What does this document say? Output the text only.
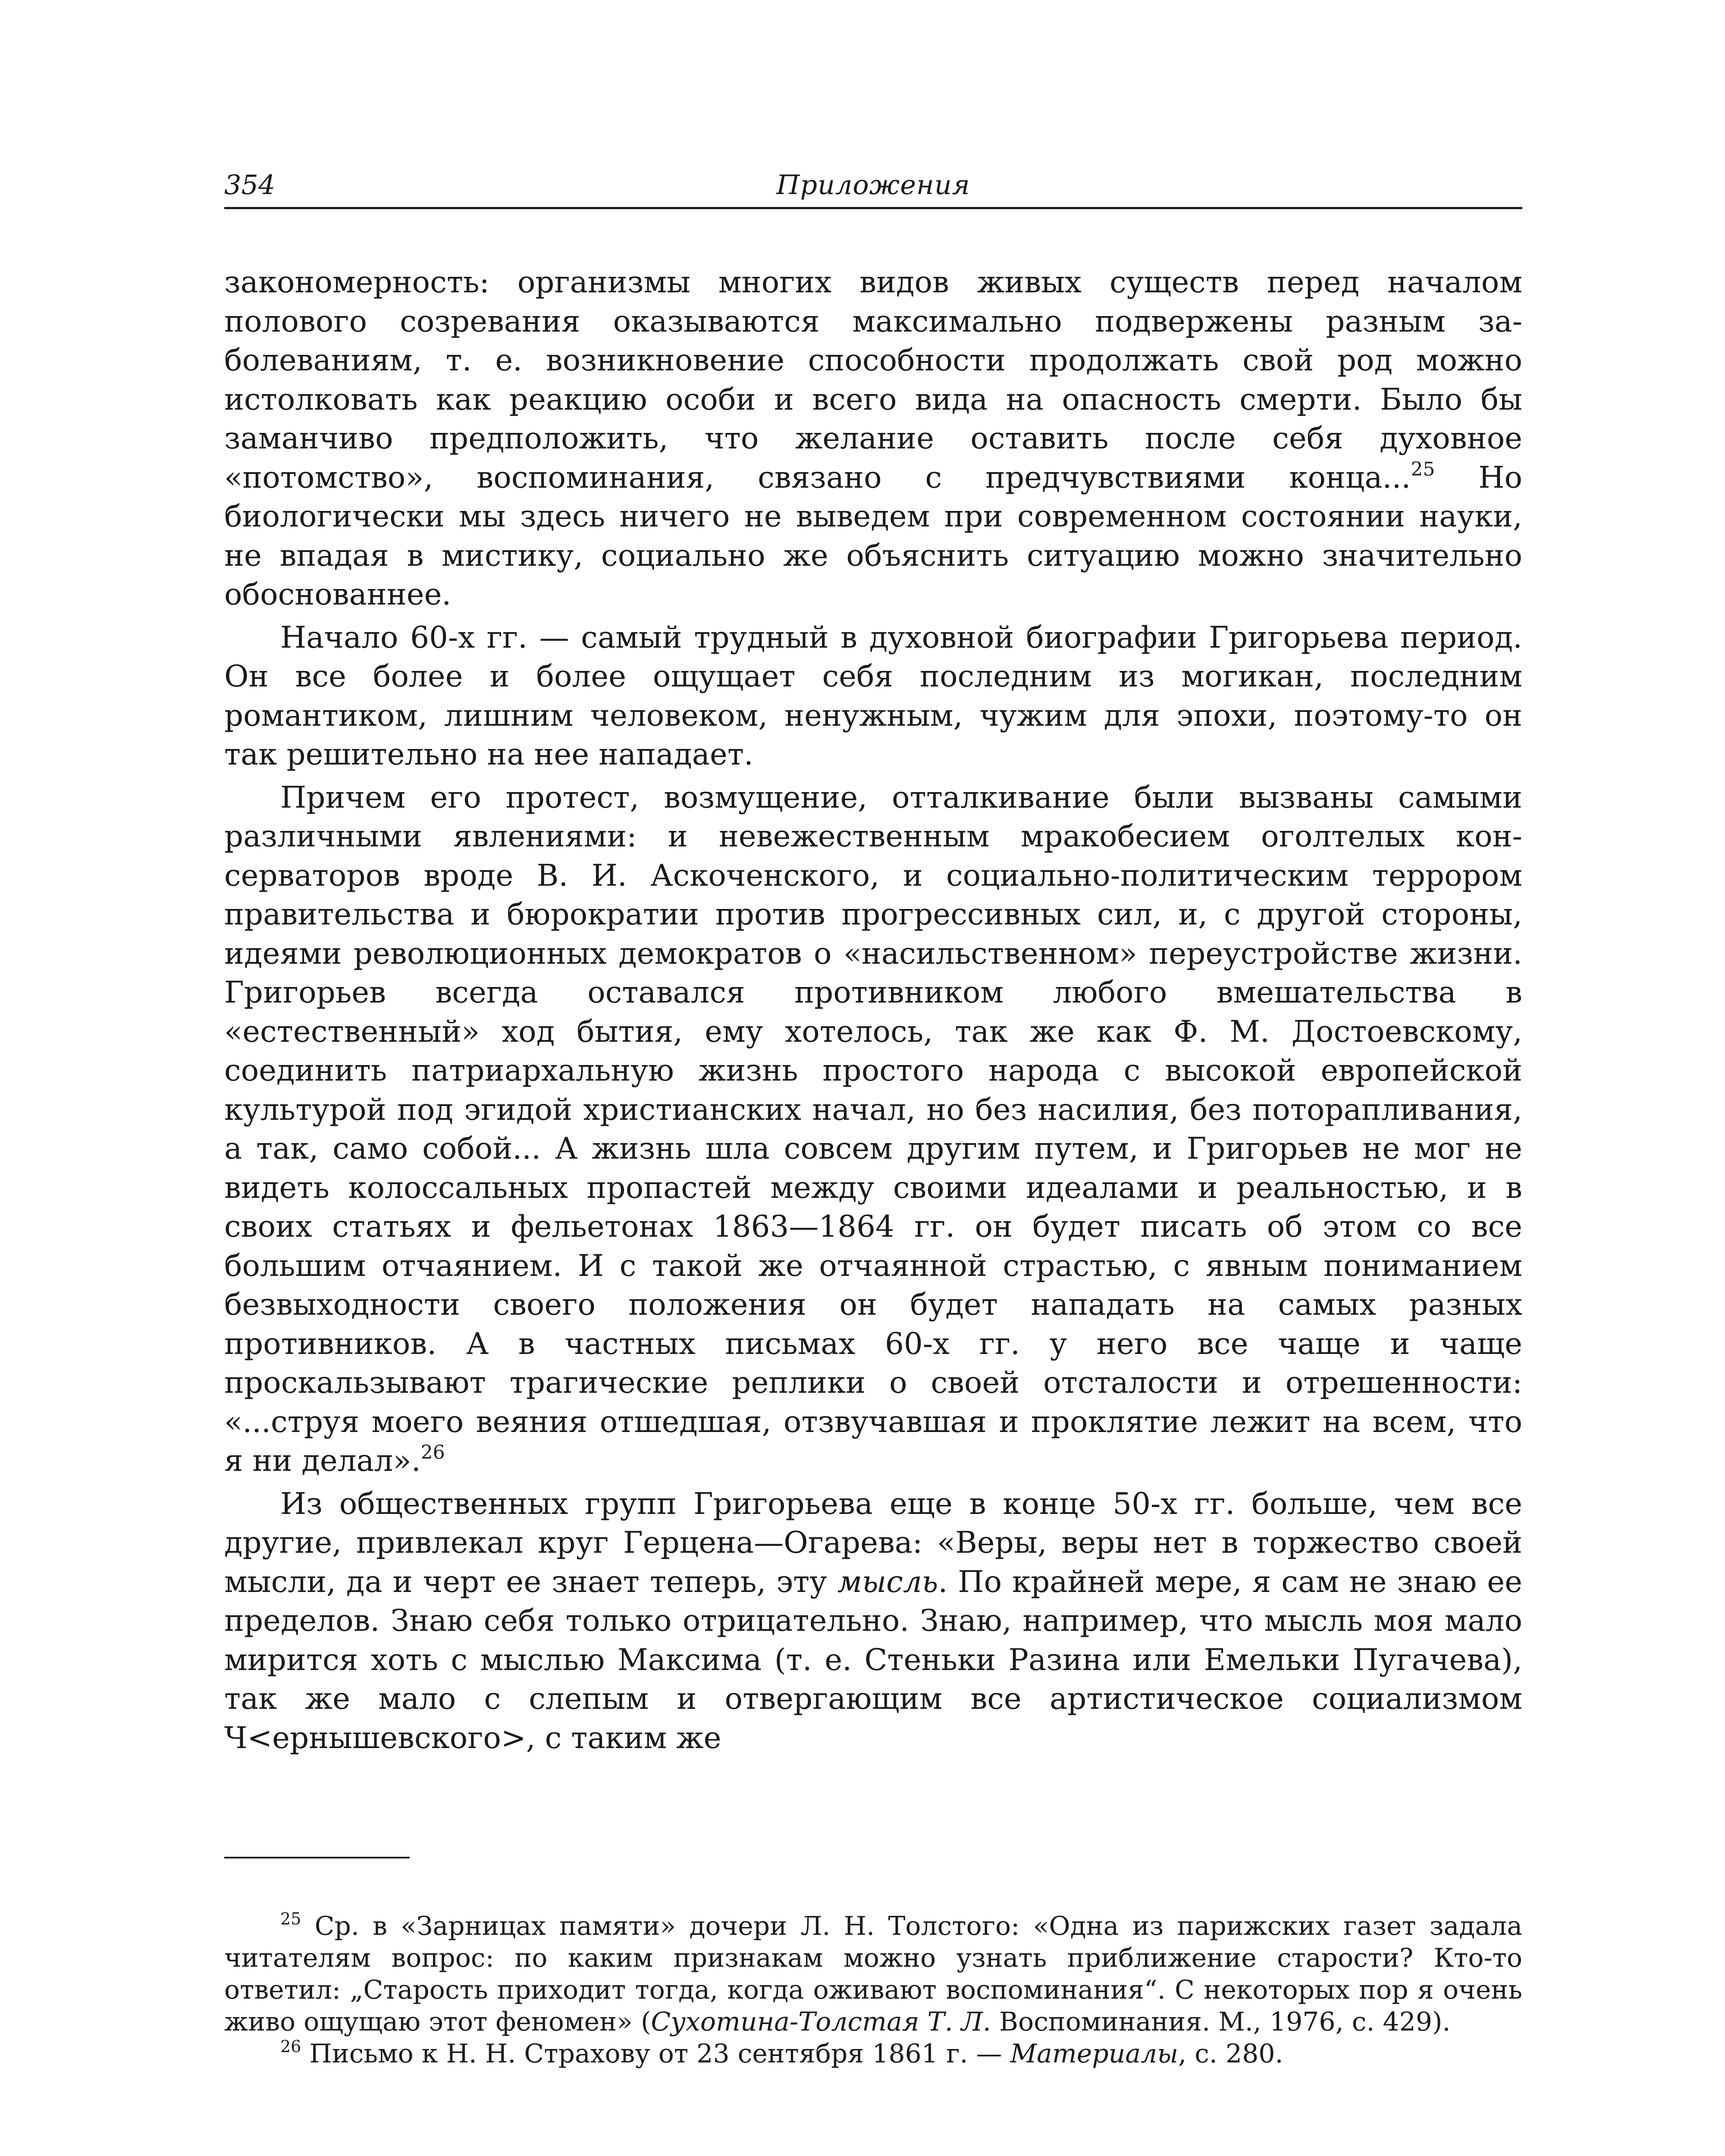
354	Приложения

закономерность: организмы многих видов живых существ перед началом полового созревания оказываются максимально подвержены разным заболеваниям, т. е. возникновение способности продолжать свой род можно истолковать как реакцию особи и всего вида на опасность смерти. Было бы заманчиво предположить, что желание оставить после себя духовное «потомство», воспоминания, связано с предчувствиями конца...$^{25}$ Но биологически мы здесь ничего не выведем при современном состоянии науки, не впадая в мистику, социально же объяснить ситуацию можно значительно обоснованнее.

Начало 60-х гг. — самый трудный в духовной биографии Григорьева период. Он все более и более ощущает себя последним из могикан, последним романтиком, лишним человеком, ненужным, чужим для эпохи, поэтому-то он так решительно на нее нападает.

Причем его протест, возмущение, отталкивание были вызваны самыми различными явлениями: и невежественным мракобесием оголтелых консерваторов вроде В. И. Аскоченского, и социально-политическим террором правительства и бюрократии против прогрессивных сил, и, с другой стороны, идеями революционных демократов о «насильственном» переустройстве жизни. Григорьев всегда оставался противником любого вмешательства в «естественный» ход бытия, ему хотелось, так же как Ф. М. Достоевскому, соединить патриархальную жизнь простого народа с высокой европейской культурой под эгидой христианских начал, но без насилия, без поторапливания, а так, само собой... А жизнь шла совсем другим путем, и Григорьев не мог не видеть колоссальных пропастей между своими идеалами и реальностью, и в своих статьях и фельетонах 1863—1864 гг. он будет писать об этом со все большим отчаянием. И с такой же отчаянной страстью, с явным пониманием безвыходности своего положения он будет нападать на самых разных противников. А в частных письмах 60-х гг. у него все чаще и чаще проскальзывают трагические реплики о своей отсталости и отрешенности: «...струя моего веяния отшедшая, отзвучавшая и проклятие лежит на всем, что я ни делал».$^{26}$

Из общественных групп Григорьева еще в конце 50-х гг. больше, чем все другие, привлекал круг Герцена—Огарева: «Веры, веры нет в торжество своей мысли, да и черт ее знает теперь, эту мысль. По крайней мере, я сам не знаю ее пределов. Знаю себя только отрицательно. Знаю, например, что мысль моя мало мирится хоть с мыслью Максима (т. е. Стеньки Разина или Емельки Пугачева), так же мало с слепым и отвергающим все артистическое социализмом Ч<ернышевского>, с таким же

$^{25}$ Ср. в «Зарницах памяти» дочери Л. Н. Толстого: «Одна из парижских газет задала читателям вопрос: по каким признакам можно узнать приближение старости? Кто-то ответил: „Старость приходит тогда, когда оживают воспоминания“. С некоторых пор я очень живо ощущаю этот феномен» (Сухотина-Толстая Т. Л. Воспоминания. М., 1976, с. 429).

$^{26}$ Письмо к Н. Н. Страхову от 23 сентября 1861 г. — Материалы, с. 280.
